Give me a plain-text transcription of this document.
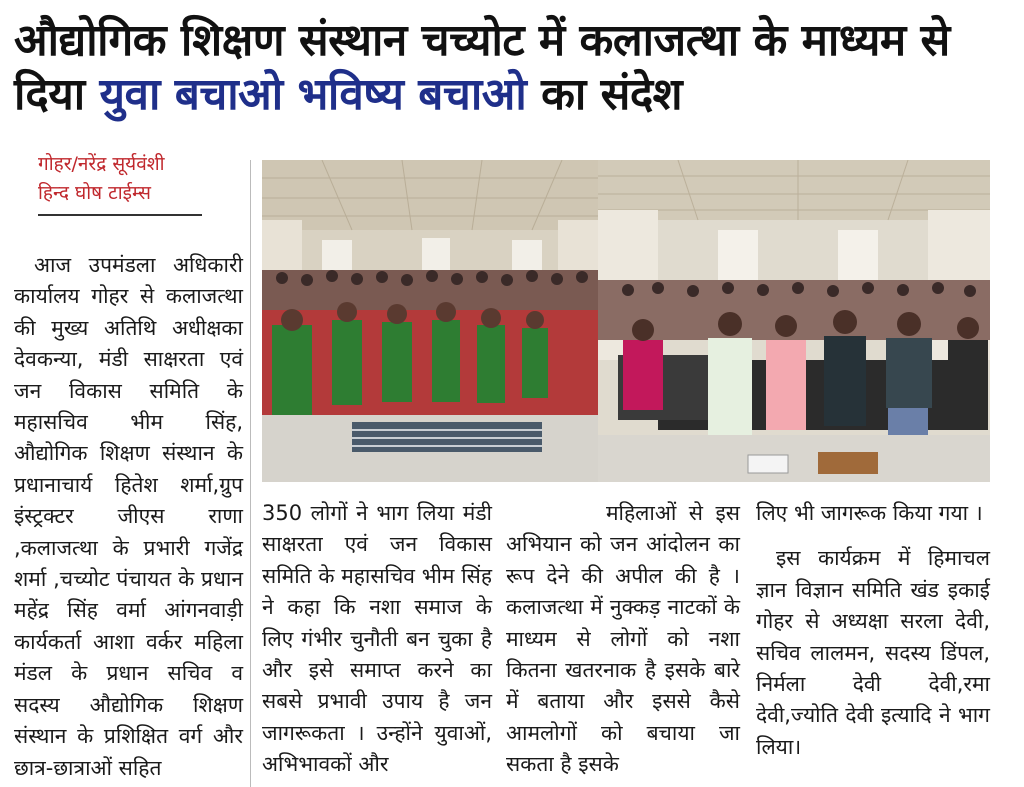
औद्योगिक शिक्षण संस्थान चच्योट में कलाजत्था के माध्यम से दिया युवा बचाओ भविष्य बचाओ का संदेश
गोहर/नरेंद्र सूर्यवंशी
हिन्द घोष टाईम्स

आज उपमंडला अधिकारी कार्यालय गोहर से कलाजत्था की मुख्य अतिथि अधीक्षका देवकन्या, मंडी साक्षरता एवं जन विकास समिति के महासचिव भीम सिंह, औद्योगिक शिक्षण संस्थान के प्रधानाचार्य हितेश शर्मा,ग्रुप इंस्ट्रक्टर जीएस राणा ,कलाजत्था के प्रभारी गजेंद्र शर्मा ,चच्योट पंचायत के प्रधान महेंद्र सिंह वर्मा आंगनवाड़ी कार्यकर्ता आशा वर्कर महिला मंडल के प्रधान सचिव व सदस्य औद्योगिक शिक्षण संस्थान के प्रशिक्षित वर्ग और छात्र-छात्राओं सहित

350 लोगों ने भाग लिया मंडी साक्षरता एवं जन विकास समिति के महासचिव भीम सिंह ने कहा कि नशा समाज के लिए गंभीर चुनौती बन चुका है और इसे समाप्त करने का सबसे प्रभावी उपाय है जन जागरूकता । उन्होंने युवाओं, अभिभावकों और

महिलाओं से इस अभियान को जन आंदोलन का रूप देने की अपील की है । कलाजत्था में नुक्कड़ नाटकों के माध्यम से लोगों को नशा कितना खतरनाक है इसके बारे में बताया और इससे कैसे आमलोगों को बचाया जा सकता है इसके

लिए भी जागरूक किया गया ।

इस कार्यक्रम में हिमाचल ज्ञान विज्ञान समिति खंड इकाई गोहर से अध्यक्षा सरला देवी, सचिव लालमन, सदस्य डिंपल, निर्मला देवी देवी,रमा देवी,ज्योति देवी इत्यादि ने भाग लिया।
